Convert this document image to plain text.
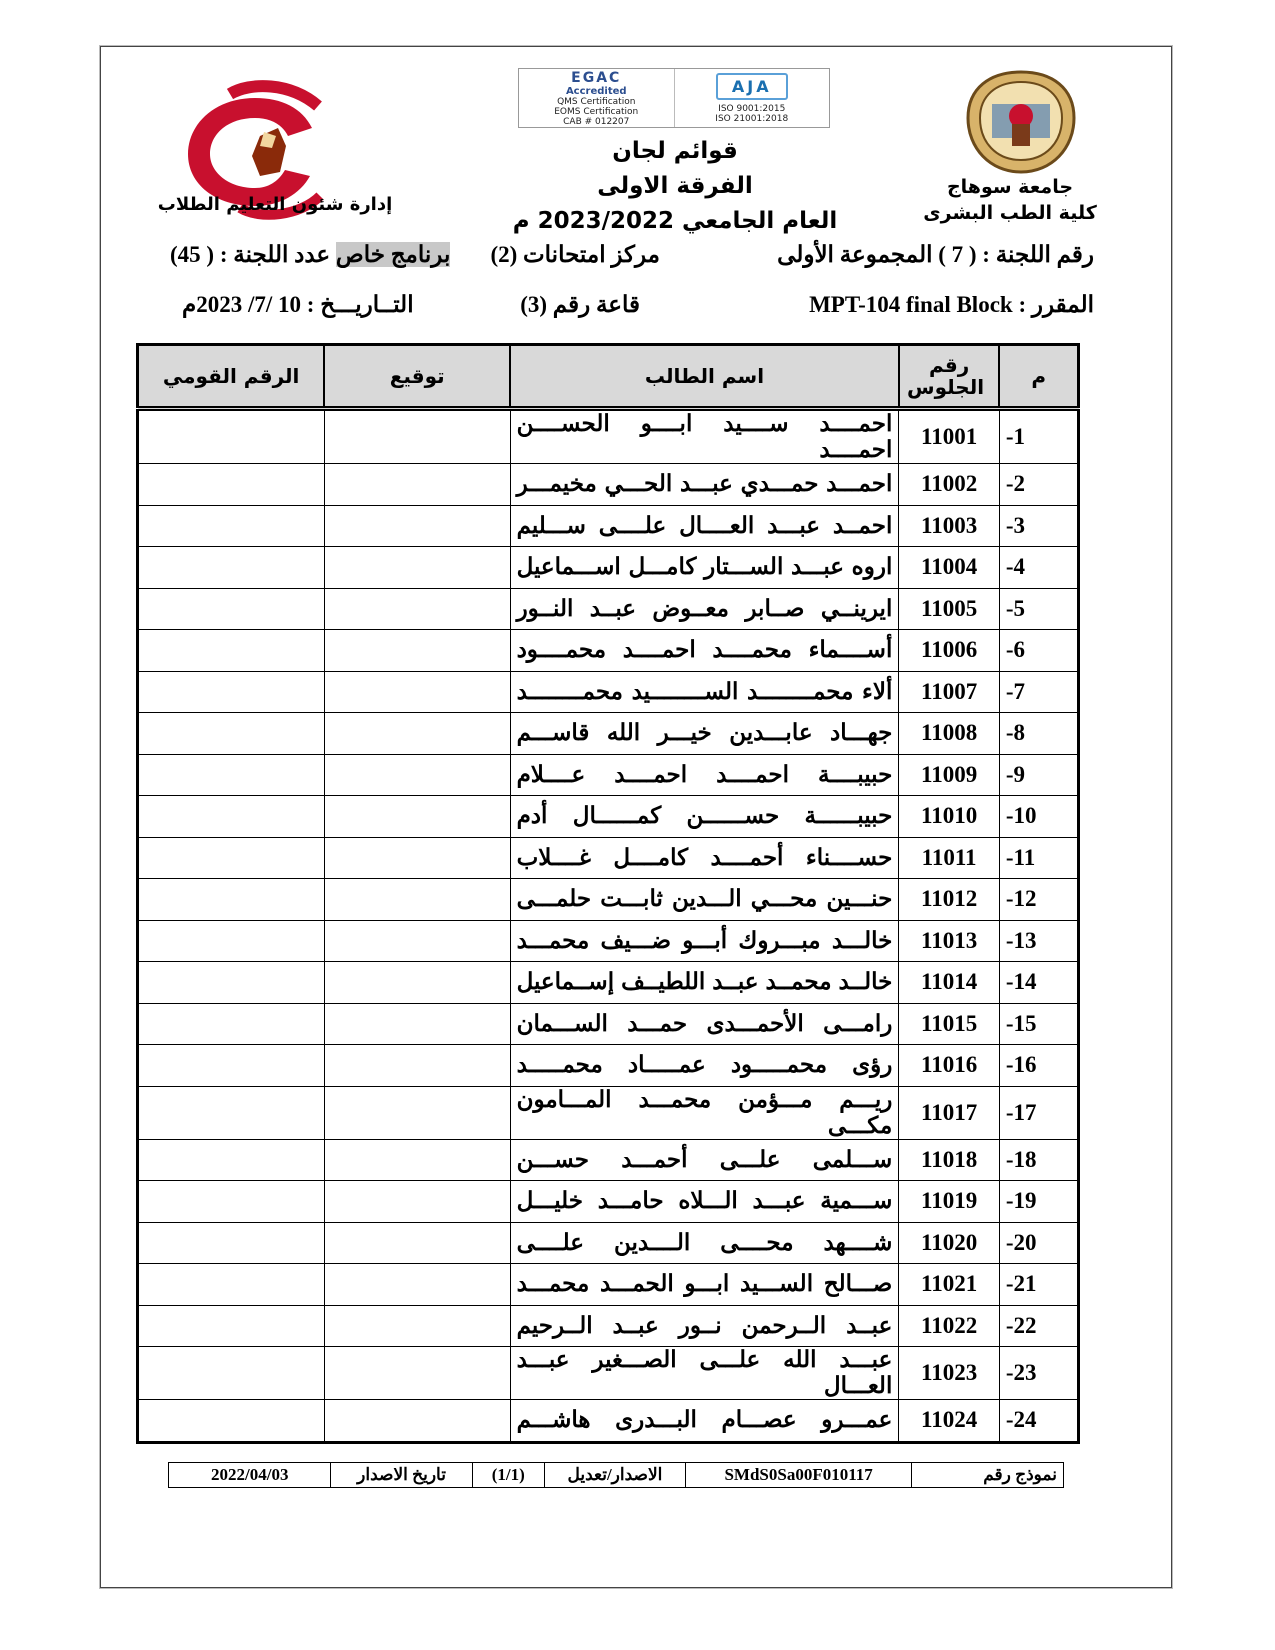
جامعة سوهاج
كلية الطب البشرى
إدارة شئون التعليم الطلاب
EGAC
Accredited
QMS Certification
EOMS Certification
CAB # 012207
AJA
ISO 9001:2015
ISO 21001:2018
قوائم لجان
الفرقة الاولى
العام الجامعي 2023/2022 م
رقم اللجنة : ( 7 ) المجموعة الأولى
مركز امتحانات (2)
برنامج خاص عدد اللجنة : ( 45)
المقرر : MPT-104 final Block
قاعة رقم (3)
التــاريـــخ : 10 /7/ 2023م
م	رقم الجلوس	اسم الطالب	توقيع	الرقم القومي
-1	11001	احمــــد ســــيد ابــــو الحســــن احمــــد		
-2	11002	احمـــد حمـــدي عبـــد الحـــي مخيمـــر		
-3	11003	احمــد عبـــد العــــال علــــى ســـليم		
-4	11004	اروه عبـــد الســـتار كامـــل اســـماعيل		
-5	11005	ايرينــي صــابر معــوض عبــد النــور		
-6	11006	أســــماء محمــــد احمــــد محمــــود		
-7	11007	ألاء محمــــــــد الســــــــيد محمــــــــد		
-8	11008	جهـــاد عابـــدين خيـــر الله قاســـم		
-9	11009	حبيبــــة احمــــد احمــــد عــــلام		
-10	11010	حبيبــــــة حســــــن كمــــــال أدم		
-11	11011	حســــناء أحمــــد كامــــل غــــلاب		
-12	11012	حنـــين محـــي الـــدين ثابـــت حلمـــى		
-13	11013	خالـــد مبـــروك أبـــو ضـــيف محمـــد		
-14	11014	خالــد محمــد عبــد اللطيــف إســماعيل		
-15	11015	رامـــى الأحمـــدى حمـــد الســـمان		
-16	11016	رؤى محمـــــود عمـــــاد محمـــــد		
-17	11017	ريـــم مـــؤمن محمـــد المـــامون مكـــى		
-18	11018	ســـلمى علـــى أحمـــد حســـن		
-19	11019	ســـمية عبـــد الـــلاه حامـــد خليـــل		
-20	11020	شــــهد محــــى الــــدين علــــى		
-21	11021	صـــالح الســـيد ابـــو الحمـــد محمـــد		
-22	11022	عبــد الــرحمن نــور عبــد الــرحيم		
-23	11023	عبـــد الله علـــى الصـــغير عبـــد العـــال		
-24	11024	عمـــرو عصـــام البـــدرى هاشـــم		
نموذج رقم	SMdS0Sa00F010117	الاصدار/تعديل	(1/1)	تاريخ الاصدار	2022/04/03
